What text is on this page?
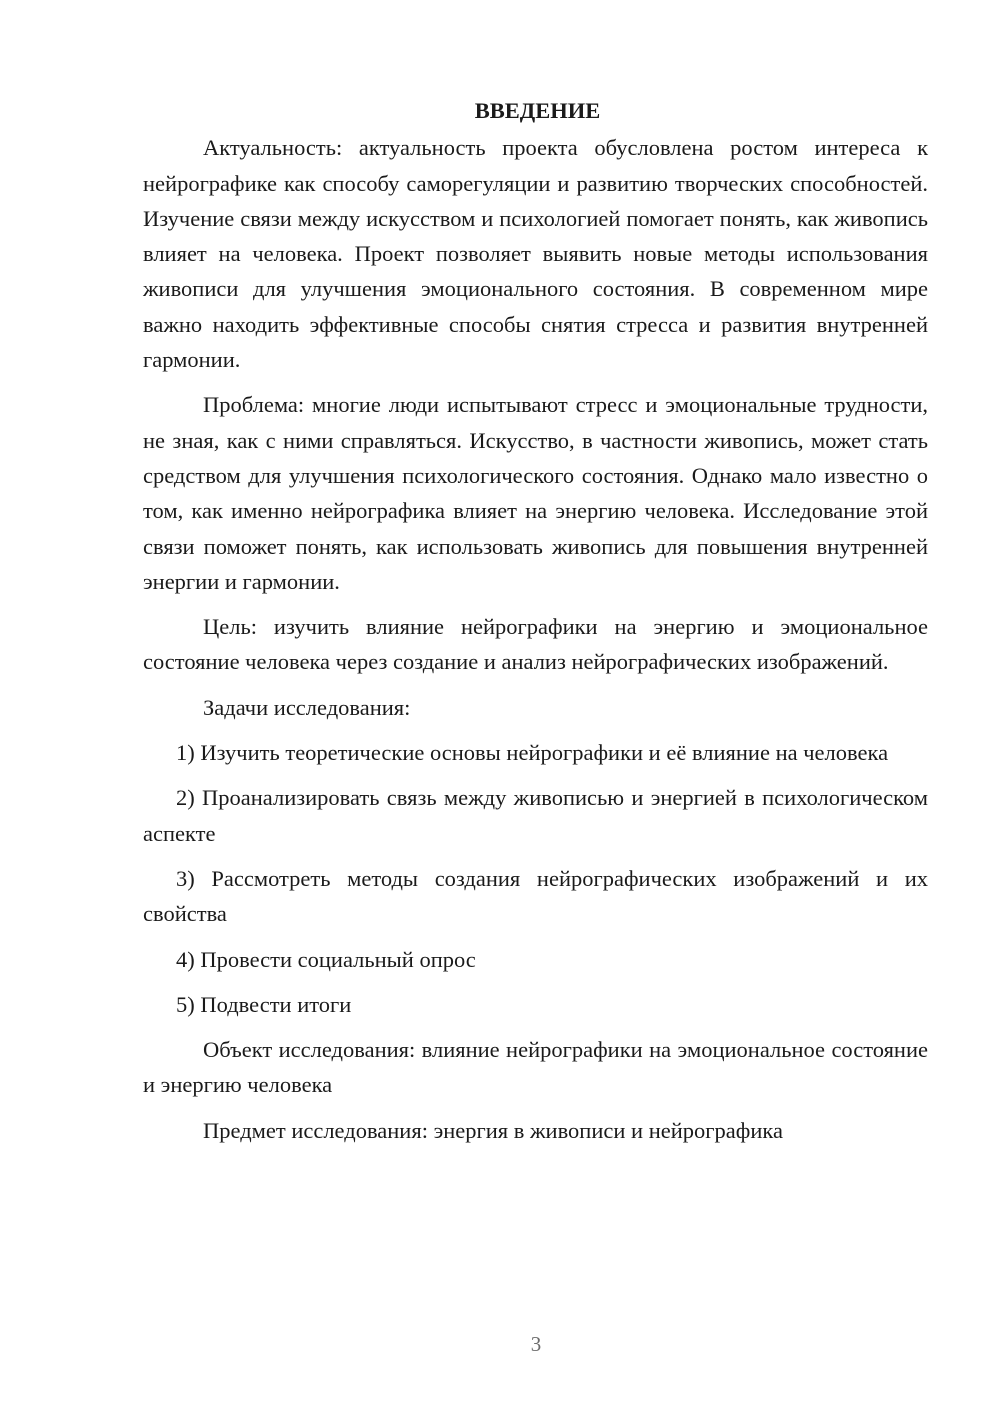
ВВЕДЕНИЕ

Актуальность: актуальность проекта обусловлена ростом интереса к нейрографике как способу саморегуляции и развитию творческих способностей. Изучение связи между искусством и психологией помогает понять, как живопись влияет на человека. Проект позволяет выявить новые методы использования живописи для улучшения эмоционального состояния. В современном мире важно находить эффективные способы снятия стресса и развития внутренней гармонии.

Проблема: многие люди испытывают стресс и эмоциональные трудности, не зная, как с ними справляться. Искусство, в частности живопись, может стать средством для улучшения психологического состояния. Однако мало известно о том, как именно нейрографика влияет на энергию человека. Исследование этой связи поможет понять, как использовать живопись для повышения внутренней энергии и гармонии.

Цель: изучить влияние нейрографики на энергию и эмоциональное состояние человека через создание и анализ нейрографических изображений.

Задачи исследования:

1) Изучить теоретические основы нейрографики и её влияние на человека

2) Проанализировать связь между живописью и энергией в психологическом аспекте

3) Рассмотреть методы создания нейрографических изображений и их свойства

4) Провести социальный опрос

5) Подвести итоги

Объект исследования: влияние нейрографики на эмоциональное состояние и энергию человека

Предмет исследования: энергия в живописи и нейрографика

3
